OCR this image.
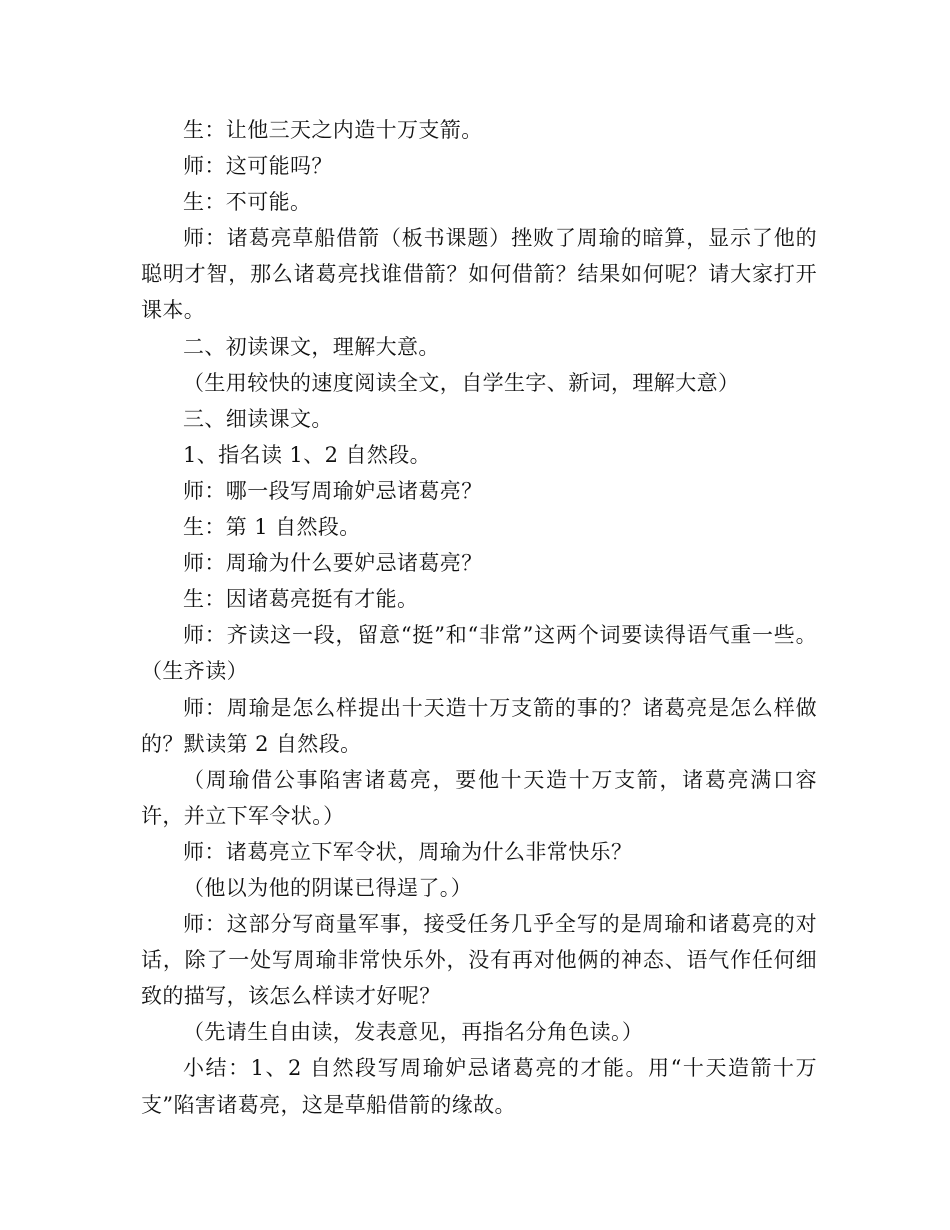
生：让他三天之内造十万支箭。

师：这可能吗？

生：不可能。

师：诸葛亮草船借箭（板书课题）挫败了周瑜的暗算，显示了他的聪明才智，那么诸葛亮找谁借箭？如何借箭？结果如何呢？请大家打开课本。

二、初读课文，理解大意。

（生用较快的速度阅读全文，自学生字、新词，理解大意）

三、细读课文。

1、指名读 1、2 自然段。

师：哪一段写周瑜妒忌诸葛亮？

生：第 1 自然段。

师：周瑜为什么要妒忌诸葛亮？

生：因诸葛亮挺有才能。

师：齐读这一段，留意“挺”和“非常”这两个词要读得语气重一些。（生齐读）

师：周瑜是怎么样提出十天造十万支箭的事的？诸葛亮是怎么样做的？默读第 2 自然段。

（周瑜借公事陷害诸葛亮，要他十天造十万支箭，诸葛亮满口容许，并立下军令状。）

师：诸葛亮立下军令状，周瑜为什么非常快乐？

（他以为他的阴谋已得逞了。）

师：这部分写商量军事，接受任务几乎全写的是周瑜和诸葛亮的对话，除了一处写周瑜非常快乐外，没有再对他俩的神态、语气作任何细致的描写，该怎么样读才好呢？

（先请生自由读，发表意见，再指名分角色读。）

小结：1、2 自然段写周瑜妒忌诸葛亮的才能。用“十天造箭十万支”陷害诸葛亮，这是草船借箭的缘故。
